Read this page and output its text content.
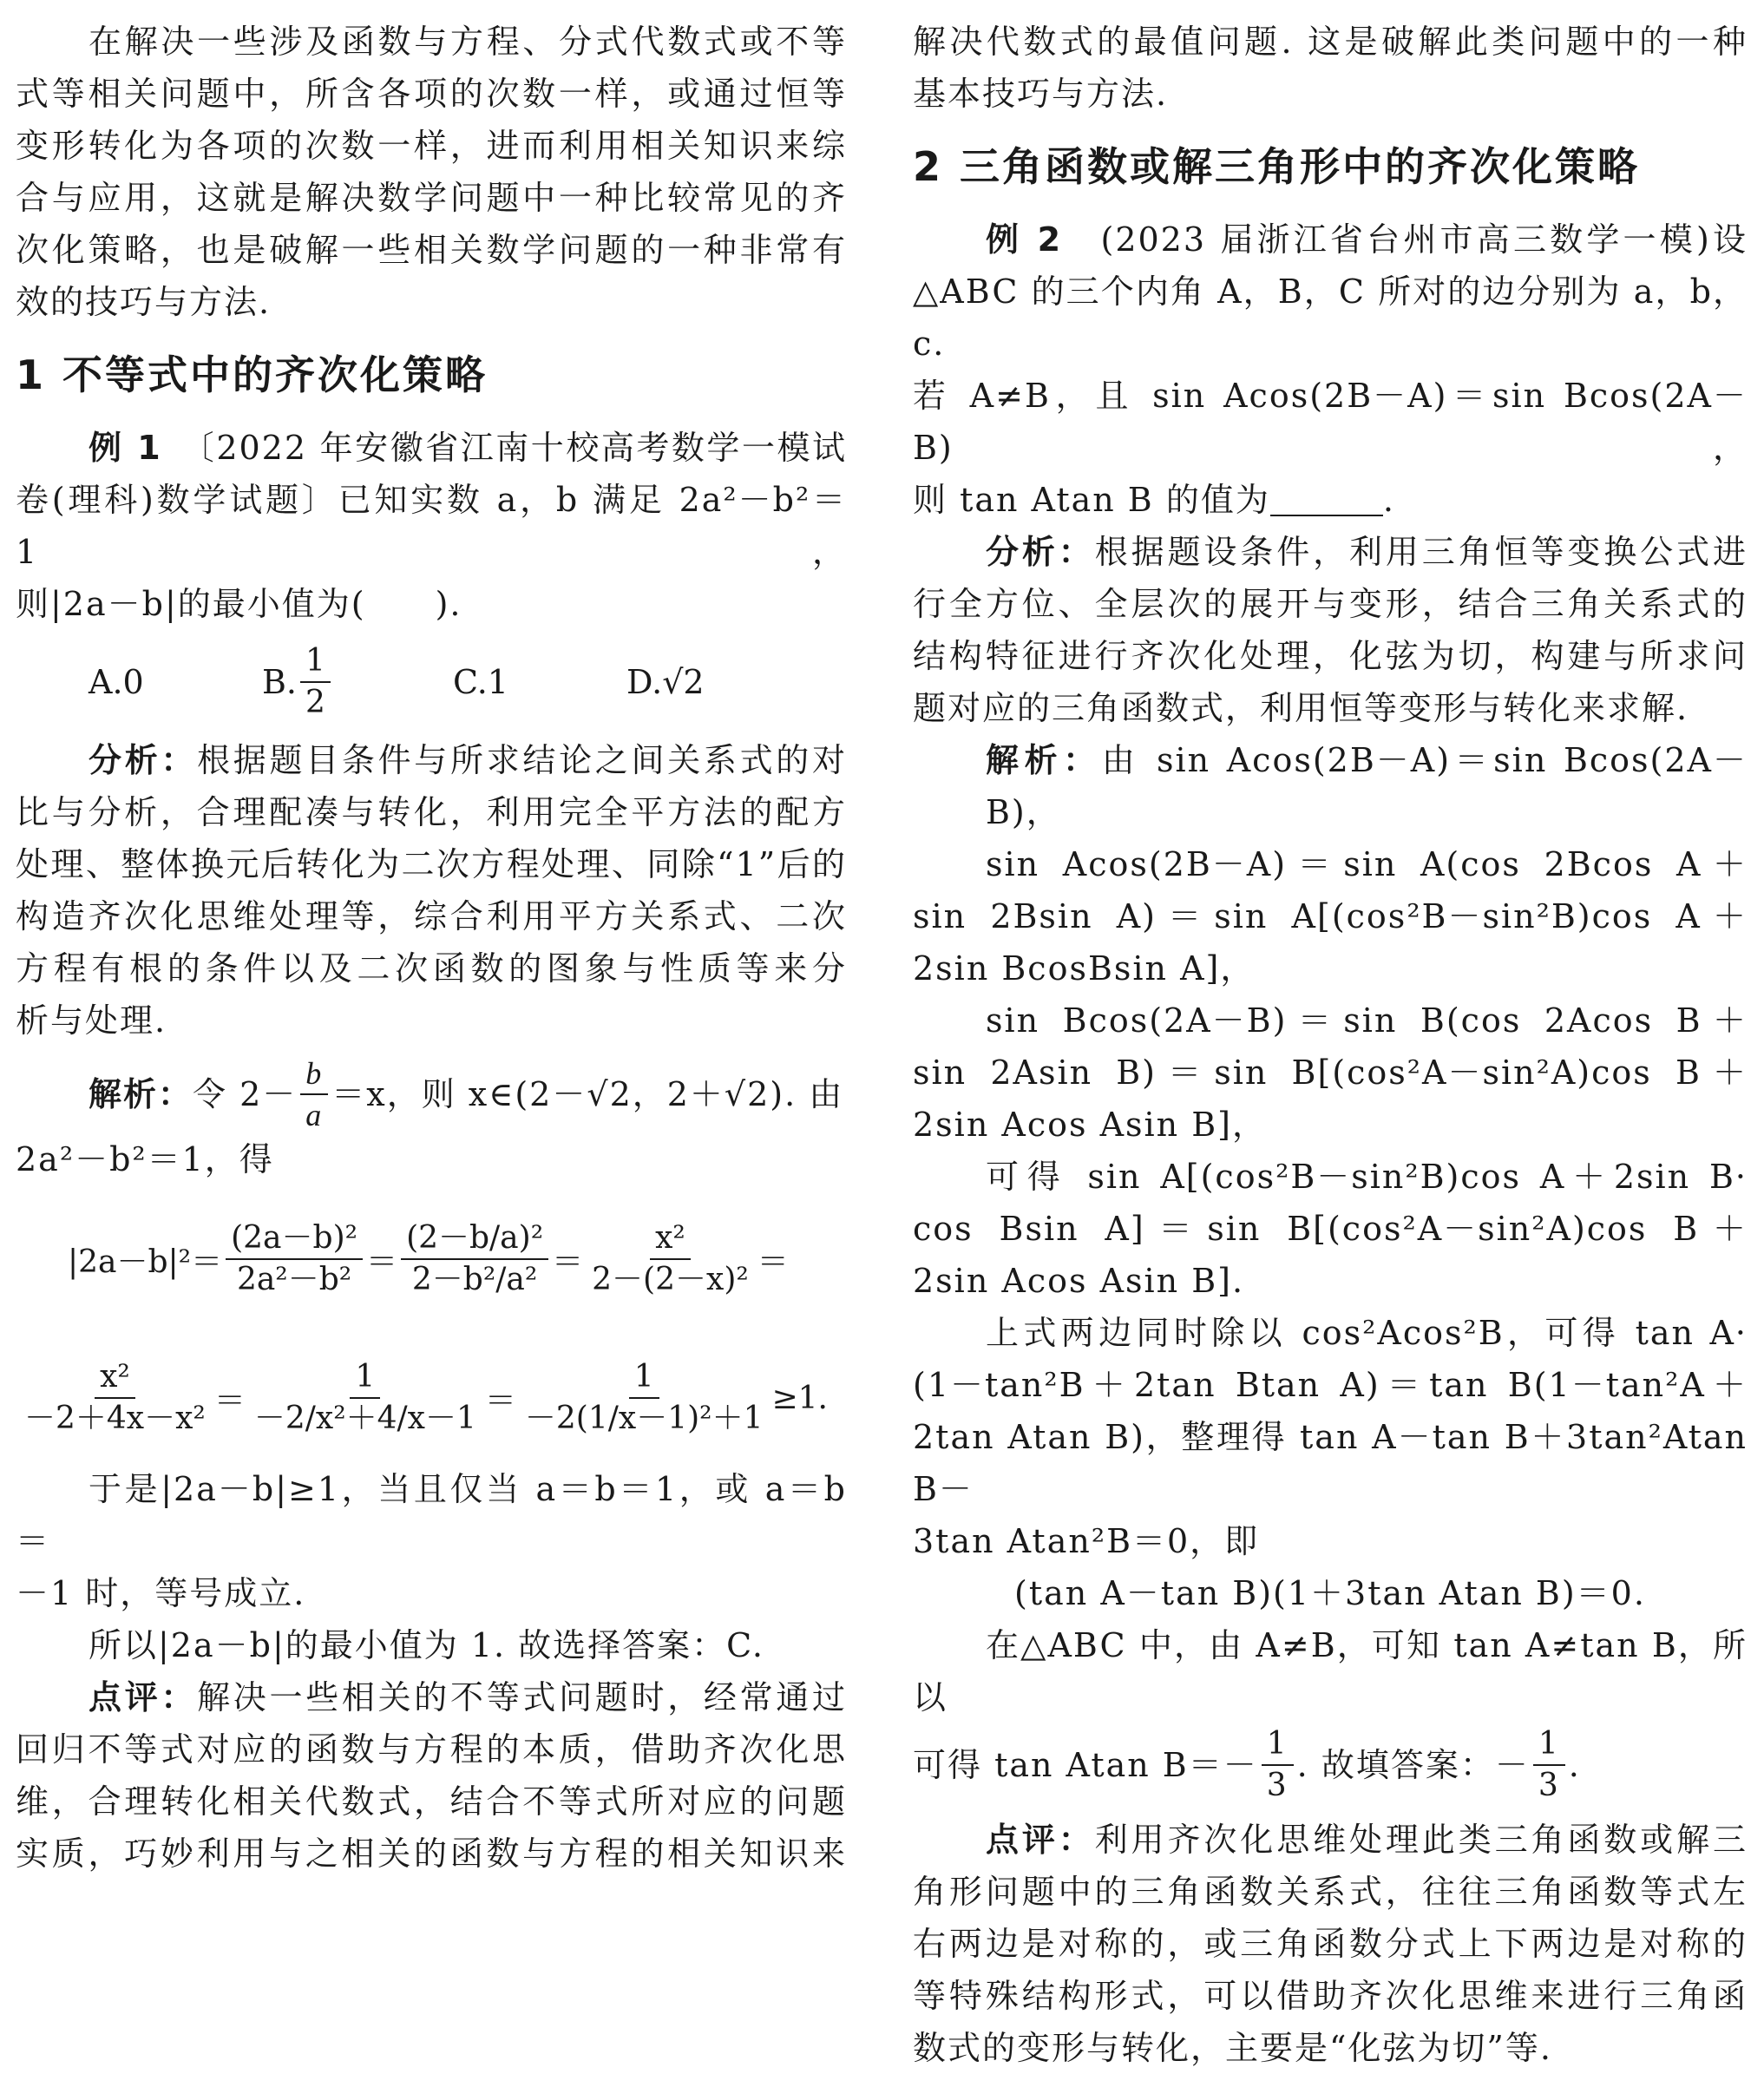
在解决一些涉及函数与方程、分式代数式或不等

式等相关问题中，所含各项的次数一样，或通过恒等

变形转化为各项的次数一样，进而利用相关知识来综

合与应用，这就是解决数学问题中一种比较常见的齐

次化策略，也是破解一些相关数学问题的一种非常有

效的技巧与方法.

1 不等式中的齐次化策略

例 1　 〔2022 年安徽省江南十校高考数学一模试

卷(理科)数学试题〕已知实数 a，b 满足 2a²－b²＝1，

则|2a－b|的最小值为(　　).

A.0	B. $\frac{1}{2}$	C.1	D.√2

分析：根据题目条件与所求结论之间关系式的对

比与分析，合理配凑与转化，利用完全平方法的配方

处理、整体换元后转化为二次方程处理、同除“1”后的

构造齐次化思维处理等，综合利用平方关系式、二次

方程有根的条件以及二次函数的图象与性质等来分

析与处理.

解析： 令 $2- \frac{b}{a} =x$，则 x∈(2－√2，2＋√2). 由

2a²－b²＝1，得

$|2a-b|^2= \frac{\text{(2a－b)²}}{\text{2a²－b²}} = \frac{\text{(2－b/a)²}}{\text{2－b²/a²}} = \frac{\text{x²}}{\text{2－(2－x)²}}$ ＝
$\frac{\text{x²}}{\text{－2＋4x－x²}} = \frac{1}{\text{－2/x²＋4/x－1}} = \frac{1}{\text{－2(1/x－1)²＋1}} \ge 1$.

于是|2a－b|≥1，当且仅当 a＝b＝1，或 a＝b＝

－1 时，等号成立.

所以|2a－b|的最小值为 1. 故选择答案：C.

点评：解决一些相关的不等式问题时，经常通过

回归不等式对应的函数与方程的本质，借助齐次化思

维，合理转化相关代数式，结合不等式所对应的问题

实质，巧妙利用与之相关的函数与方程的相关知识来

解决代数式的最值问题. 这是破解此类问题中的一种

基本技巧与方法.

2 三角函数或解三角形中的齐次化策略

例 2　 (2023 届浙江省台州市高三数学一模)设

△ABC 的三个内角 A，B，C 所对的边分别为 a，b，c.

若 A≠B，且 sin Acos(2B－A)＝sin Bcos(2A－B)，

则 tan Atan B 的值为	.

分析：根据题设条件，利用三角恒等变换公式进

行全方位、全层次的展开与变形，结合三角关系式的

结构特征进行齐次化处理，化弦为切，构建与所求问

题对应的三角函数式，利用恒等变形与转化来求解.

解析：由 sin Acos(2B－A)＝sin Bcos(2A－B)，

sin Acos(2B－A)＝sin A(cos 2Bcos A＋

sin 2Bsin A)＝sin A[(cos²B－sin²B)cos A＋

2sin BcosBsin A]，

sin Bcos(2A－B)＝sin B(cos 2Acos B＋

sin 2Asin B)＝sin B[(cos²A－sin²A)cos B＋

2sin Acos Asin B]，

可得 sin A[(cos²B－sin²B)cos A＋2sin B·

cos Bsin A]＝sin B[(cos²A－sin²A)cos B＋

2sin Acos Asin B].

上式两边同时除以 cos²Acos²B，可得 tan A·

(1－tan²B＋2tan Btan A)＝tan B(1－tan²A＋

2tan Atan B)，整理得 tan A－tan B＋3tan²Atan B－

3tan Atan²B＝0，即

(tan A－tan B)(1＋3tan Atan B)＝0.

在△ABC 中，由 A≠B，可知 tan A≠tan B，所以

可得 tan Atan $B=- \frac{1}{3}$ . 故填答案：－ $\frac{1}{3}$ .

点评：利用齐次化思维处理此类三角函数或解三

角形问题中的三角函数关系式，往往三角函数等式左

右两边是对称的，或三角函数分式上下两边是对称的

等特殊结构形式，可以借助齐次化思维来进行三角函

数式的变形与转化，主要是“化弦为切”等.
